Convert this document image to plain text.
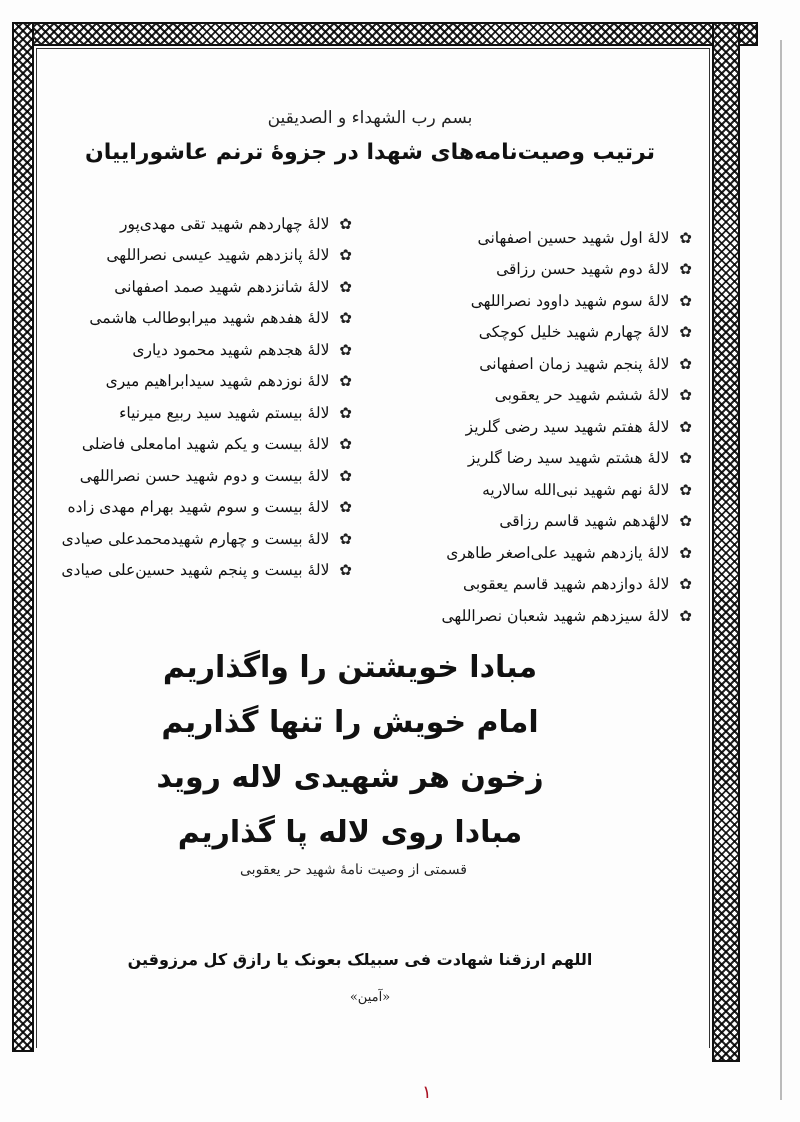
بسم رب الشهداء و الصدیقین
ترتیب وصیت‌نامه‌های شهدا در جزوهٔ ترنم عاشوراییان
✿
لالهٔ اول شهید حسین اصفهانی
✿
لالهٔ دوم شهید حسن رزاقی
✿
لالهٔ سوم شهید داوود نصراللهی
✿
لالهٔ چهارم شهید خلیل کوچکی
✿
لالهٔ پنجم شهید زمان اصفهانی
✿
لالهٔ ششم شهید حر یعقوبی
✿
لالهٔ هفتم شهید سید رضی گلریز
✿
لالهٔ هشتم شهید سید رضا گلریز
✿
لالهٔ نهم شهید نبی‌الله سالاریه
✿
لالهٔدهم شهید قاسم رزاقی
✿
لالهٔ یازدهم شهید علی‌اصغر طاهری
✿
لالهٔ دوازدهم شهید قاسم یعقوبی
✿
لالهٔ سیزدهم شهید شعبان نصراللهی
✿
لالهٔ چهاردهم شهید تقی مهدی‌پور
✿
لالهٔ پانزدهم شهید عیسی نصراللهی
✿
لالهٔ شانزدهم شهید صمد اصفهانی
✿
لالهٔ هفدهم شهید میرابوطالب هاشمی
✿
لالهٔ هجدهم شهید محمود دیاری
✿
لالهٔ نوزدهم شهید سیدابراهیم میری
✿
لالهٔ بیستم شهید سید ربیع میرنیاء
✿
لالهٔ بیست و یکم شهید امامعلی فاضلی
✿
لالهٔ بیست و دوم شهید حسن نصراللهی
✿
لالهٔ بیست و سوم شهید بهرام مهدی زاده
✿
لالهٔ بیست و چهارم شهیدمحمدعلی صیادی
✿
لالهٔ بیست و پنجم شهید حسین‌علی صیادی
مبادا خویشتن را واگذاریم
امام خویش را تنها گذاریم
زخون هر شهیدی لاله روید
مبادا روی لاله پا گذاریم
قسمتی از وصیت نامهٔ شهید حر یعقوبی
اللهم ارزقنا شهادت فی سبیلک بعونک یا رازق کل مرزوقین
«آمین»
۱
